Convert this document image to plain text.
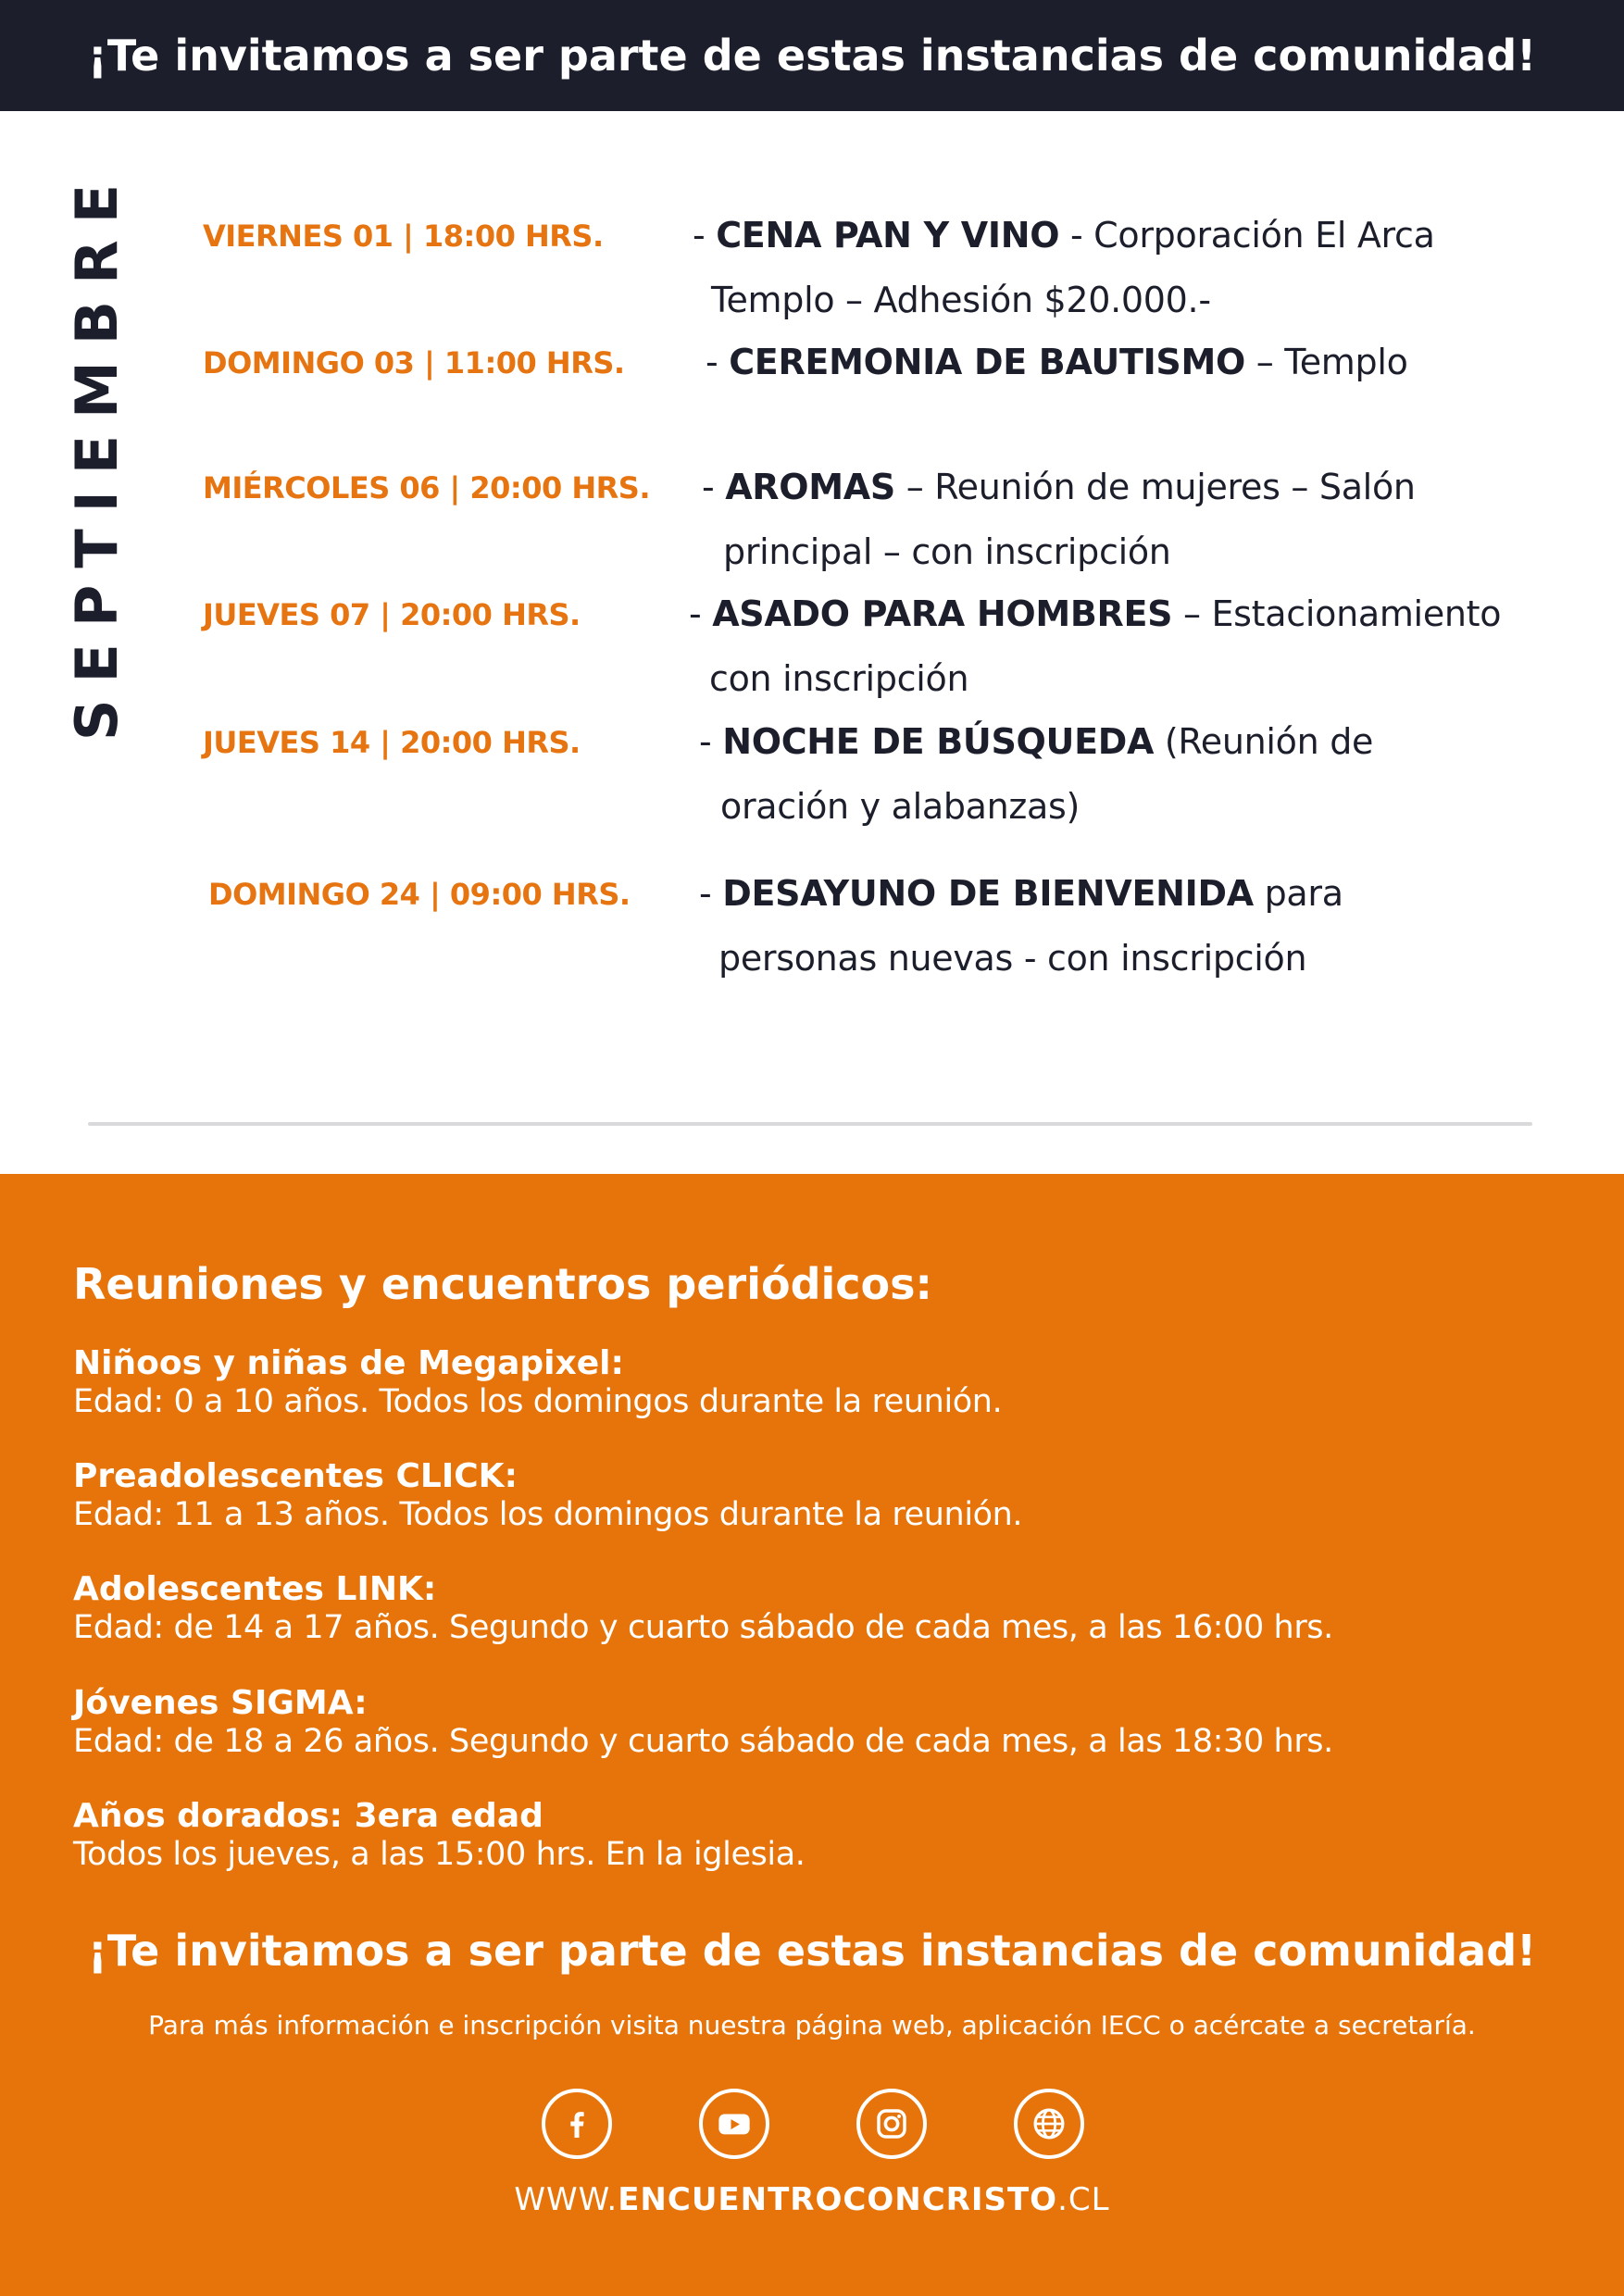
¡Te invitamos a ser parte de estas instancias de comunidad!
SEPTIEMBRE VIERNES 01 | 18:00 HRS.	- CENA PAN Y VINO - Corporación El Arca
Templo – Adhesión $20.000.-
DOMINGO 03 | 11:00 HRS. - CEREMONIA DE BAUTISMO – Templo
MIÉRCOLES 06 | 20:00 HRS. - AROMAS – Reunión de mujeres – Salón
principal – con inscripción
JUEVES 07 | 20:00 HRS.	- ASADO PARA HOMBRES – Estacionamiento
con inscripción
JUEVES 14 | 20:00 HRS.	- NOCHE DE BÚSQUEDA (Reunión de
oración y alabanzas)
DOMINGO 24 | 09:00 HRS. - DESAYUNO DE BIENVENIDA para
personas nuevas - con inscripción
Reuniones y encuentros periódicos:
Niñoos y niñas de Megapixel:
Edad: 0 a 10 años. Todos los domingos durante la reunión.
Preadolescentes CLICK:
Edad: 11 a 13 años. Todos los domingos durante la reunión.
Adolescentes LINK:
Edad: de 14 a 17 años. Segundo y cuarto sábado de cada mes, a las 16:00 hrs.
Jóvenes SIGMA:
Edad: de 18 a 26 años. Segundo y cuarto sábado de cada mes, a las 18:30 hrs.
Años dorados: 3era edad
Todos los jueves, a las 15:00 hrs. En la iglesia.
¡Te invitamos a ser parte de estas instancias de comunidad!
Para más información e inscripción visita nuestra página web, aplicación IECC o acércate a secretaría.
WWW.ENCUENTROCONCRISTO.CL
